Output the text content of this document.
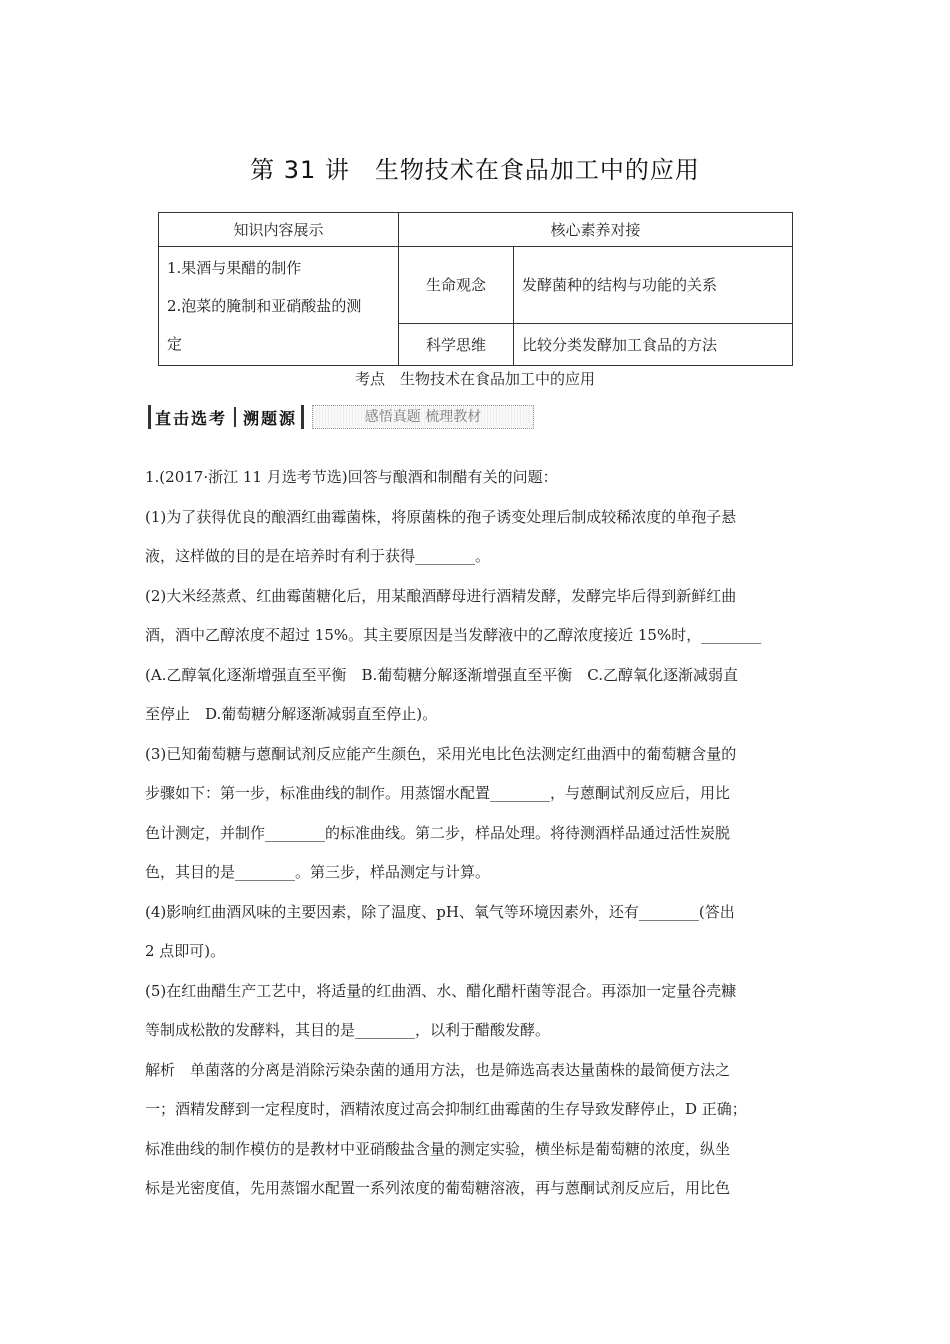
第 31 讲　生物技术在食品加工中的应用
知识内容展示	核心素养对接	

1.果酒与果醋的制作
2.泡菜的腌制和亚硝酸盐的测
定	生命观念	发酵菌种的结构与功能的关系
	科学思维	比较分类发酵加工食品的方法
考点　生物技术在食品加工中的应用
直击选考 溯题源	感悟真题 梳理教材

1.(2017·浙江 11 月选考节选)回答与酿酒和制醋有关的问题：

(1)为了获得优良的酿酒红曲霉菌株，将原菌株的孢子诱变处理后制成较稀浓度的单孢子悬

液，这样做的目的是在培养时有利于获得________。

(2)大米经蒸煮、红曲霉菌糖化后，用某酿酒酵母进行酒精发酵，发酵完毕后得到新鲜红曲

酒，酒中乙醇浓度不超过 15%。其主要原因是当发酵液中的乙醇浓度接近 15%时，________

(A.乙醇氧化逐渐增强直至平衡　B.葡萄糖分解逐渐增强直至平衡　C.乙醇氧化逐渐减弱直

至停止　D.葡萄糖分解逐渐减弱直至停止)。

(3)已知葡萄糖与蒽酮试剂反应能产生颜色，采用光电比色法测定红曲酒中的葡萄糖含量的

步骤如下：第一步，标准曲线的制作。用蒸馏水配置________，与蒽酮试剂反应后，用比

色计测定，并制作________的标准曲线。第二步，样品处理。将待测酒样品通过活性炭脱

色，其目的是________。第三步，样品测定与计算。

(4)影响红曲酒风味的主要因素，除了温度、pH、氧气等环境因素外，还有________(答出

2 点即可)。

(5)在红曲醋生产工艺中，将适量的红曲酒、水、醋化醋杆菌等混合。再添加一定量谷壳糠

等制成松散的发酵料，其目的是________，以利于醋酸发酵。

解析　单菌落的分离是消除污染杂菌的通用方法，也是筛选高表达量菌株的最简便方法之

一；酒精发酵到一定程度时，酒精浓度过高会抑制红曲霉菌的生存导致发酵停止，D 正确；

标准曲线的制作模仿的是教材中亚硝酸盐含量的测定实验，横坐标是葡萄糖的浓度，纵坐

标是光密度值，先用蒸馏水配置一系列浓度的葡萄糖溶液，再与蒽酮试剂反应后，用比色
